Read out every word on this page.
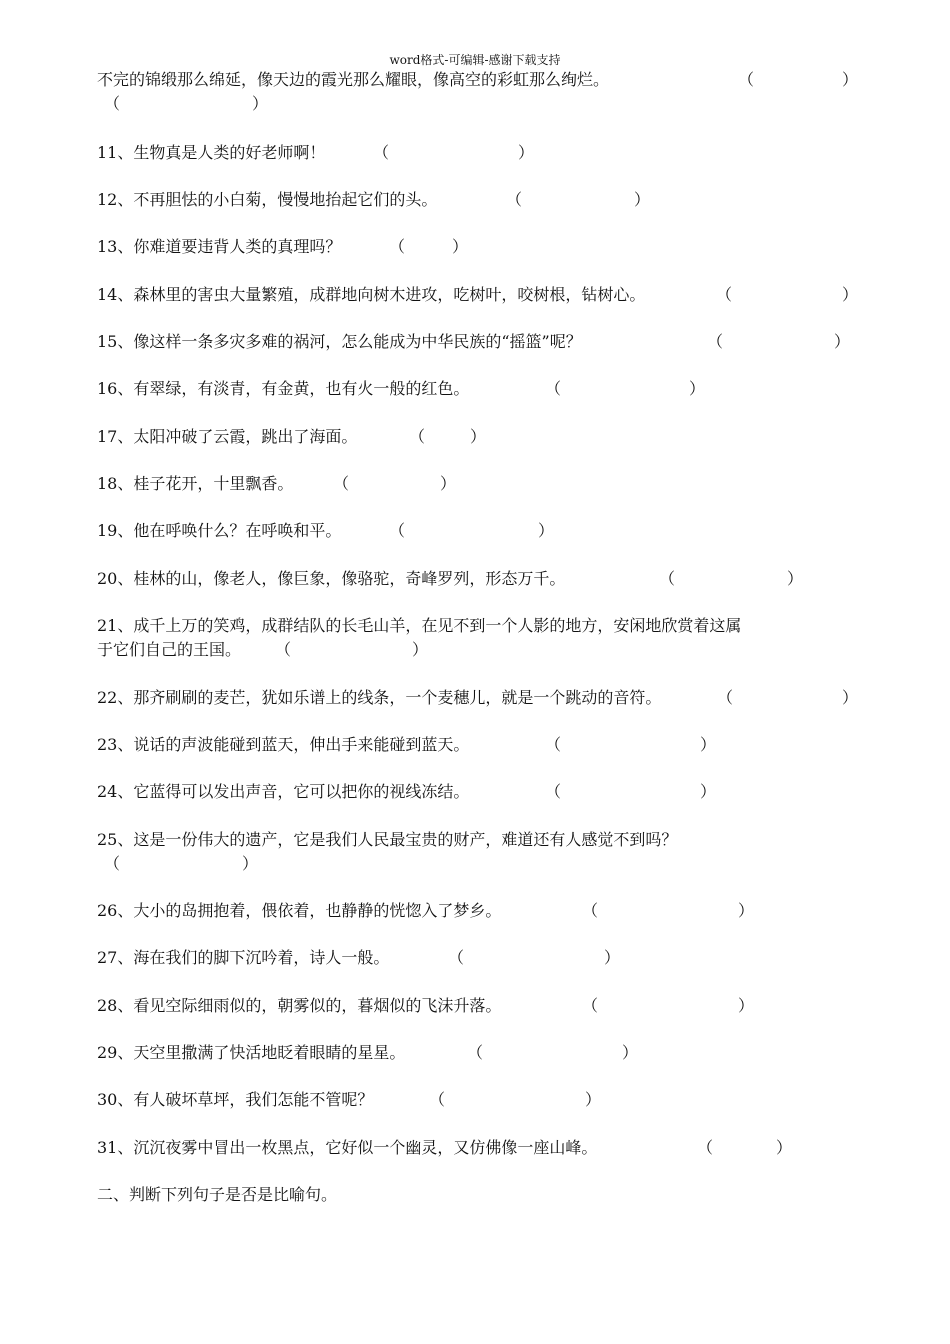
word格式-可编辑-感谢下载支持
不完的锦缎那么绵延，像天边的霞光那么耀眼，像高空的彩虹那么绚烂。	（	）
（	）
11、生物真是人类的好老师啊！	（	）
12、不再胆怯的小白菊，慢慢地抬起它们的头。	（	）
13、你难道要违背人类的真理吗？	（	）
14、森林里的害虫大量繁殖，成群地向树木进攻，吃树叶，咬树根，钻树心。	（	）
15、像这样一条多灾多难的祸河，怎么能成为中华民族的“摇篮”呢？	（	）
16、有翠绿，有淡青，有金黄，也有火一般的红色。	（	）
17、太阳冲破了云霞，跳出了海面。	（	）
18、桂子花开，十里飘香。 （	）
19、他在呼唤什么？在呼唤和平。	（	）
20、桂林的山，像老人，像巨象，像骆驼，奇峰罗列，形态万千。	（	）
21、成千上万的笑鸡，成群结队的长毛山羊，在见不到一个人影的地方，安闲地欣赏着这属
于它们自己的王国。 （	）
22、那齐刷刷的麦芒，犹如乐谱上的线条，一个麦穗儿，就是一个跳动的音符。	（	）
23、说话的声波能碰到蓝天，伸出手来能碰到蓝天。	（	）
24、它蓝得可以发出声音，它可以把你的视线冻结。	（	）
25、这是一份伟大的遗产，它是我们人民最宝贵的财产，难道还有人感觉不到吗？
（	）
26、大小的岛拥抱着，偎依着，也静静的恍惚入了梦乡。	（	）
27、海在我们的脚下沉吟着，诗人一般。	（	）
28、看见空际细雨似的，朝雾似的，暮烟似的飞沫升落。	（	）
29、天空里撒满了快活地眨着眼睛的星星。	（	）
30、有人破坏草坪，我们怎能不管呢？	（	）
31、沉沉夜雾中冒出一枚黑点，它好似一个幽灵，又仿佛像一座山峰。	（	）
二、判断下列句子是否是比喻句。
